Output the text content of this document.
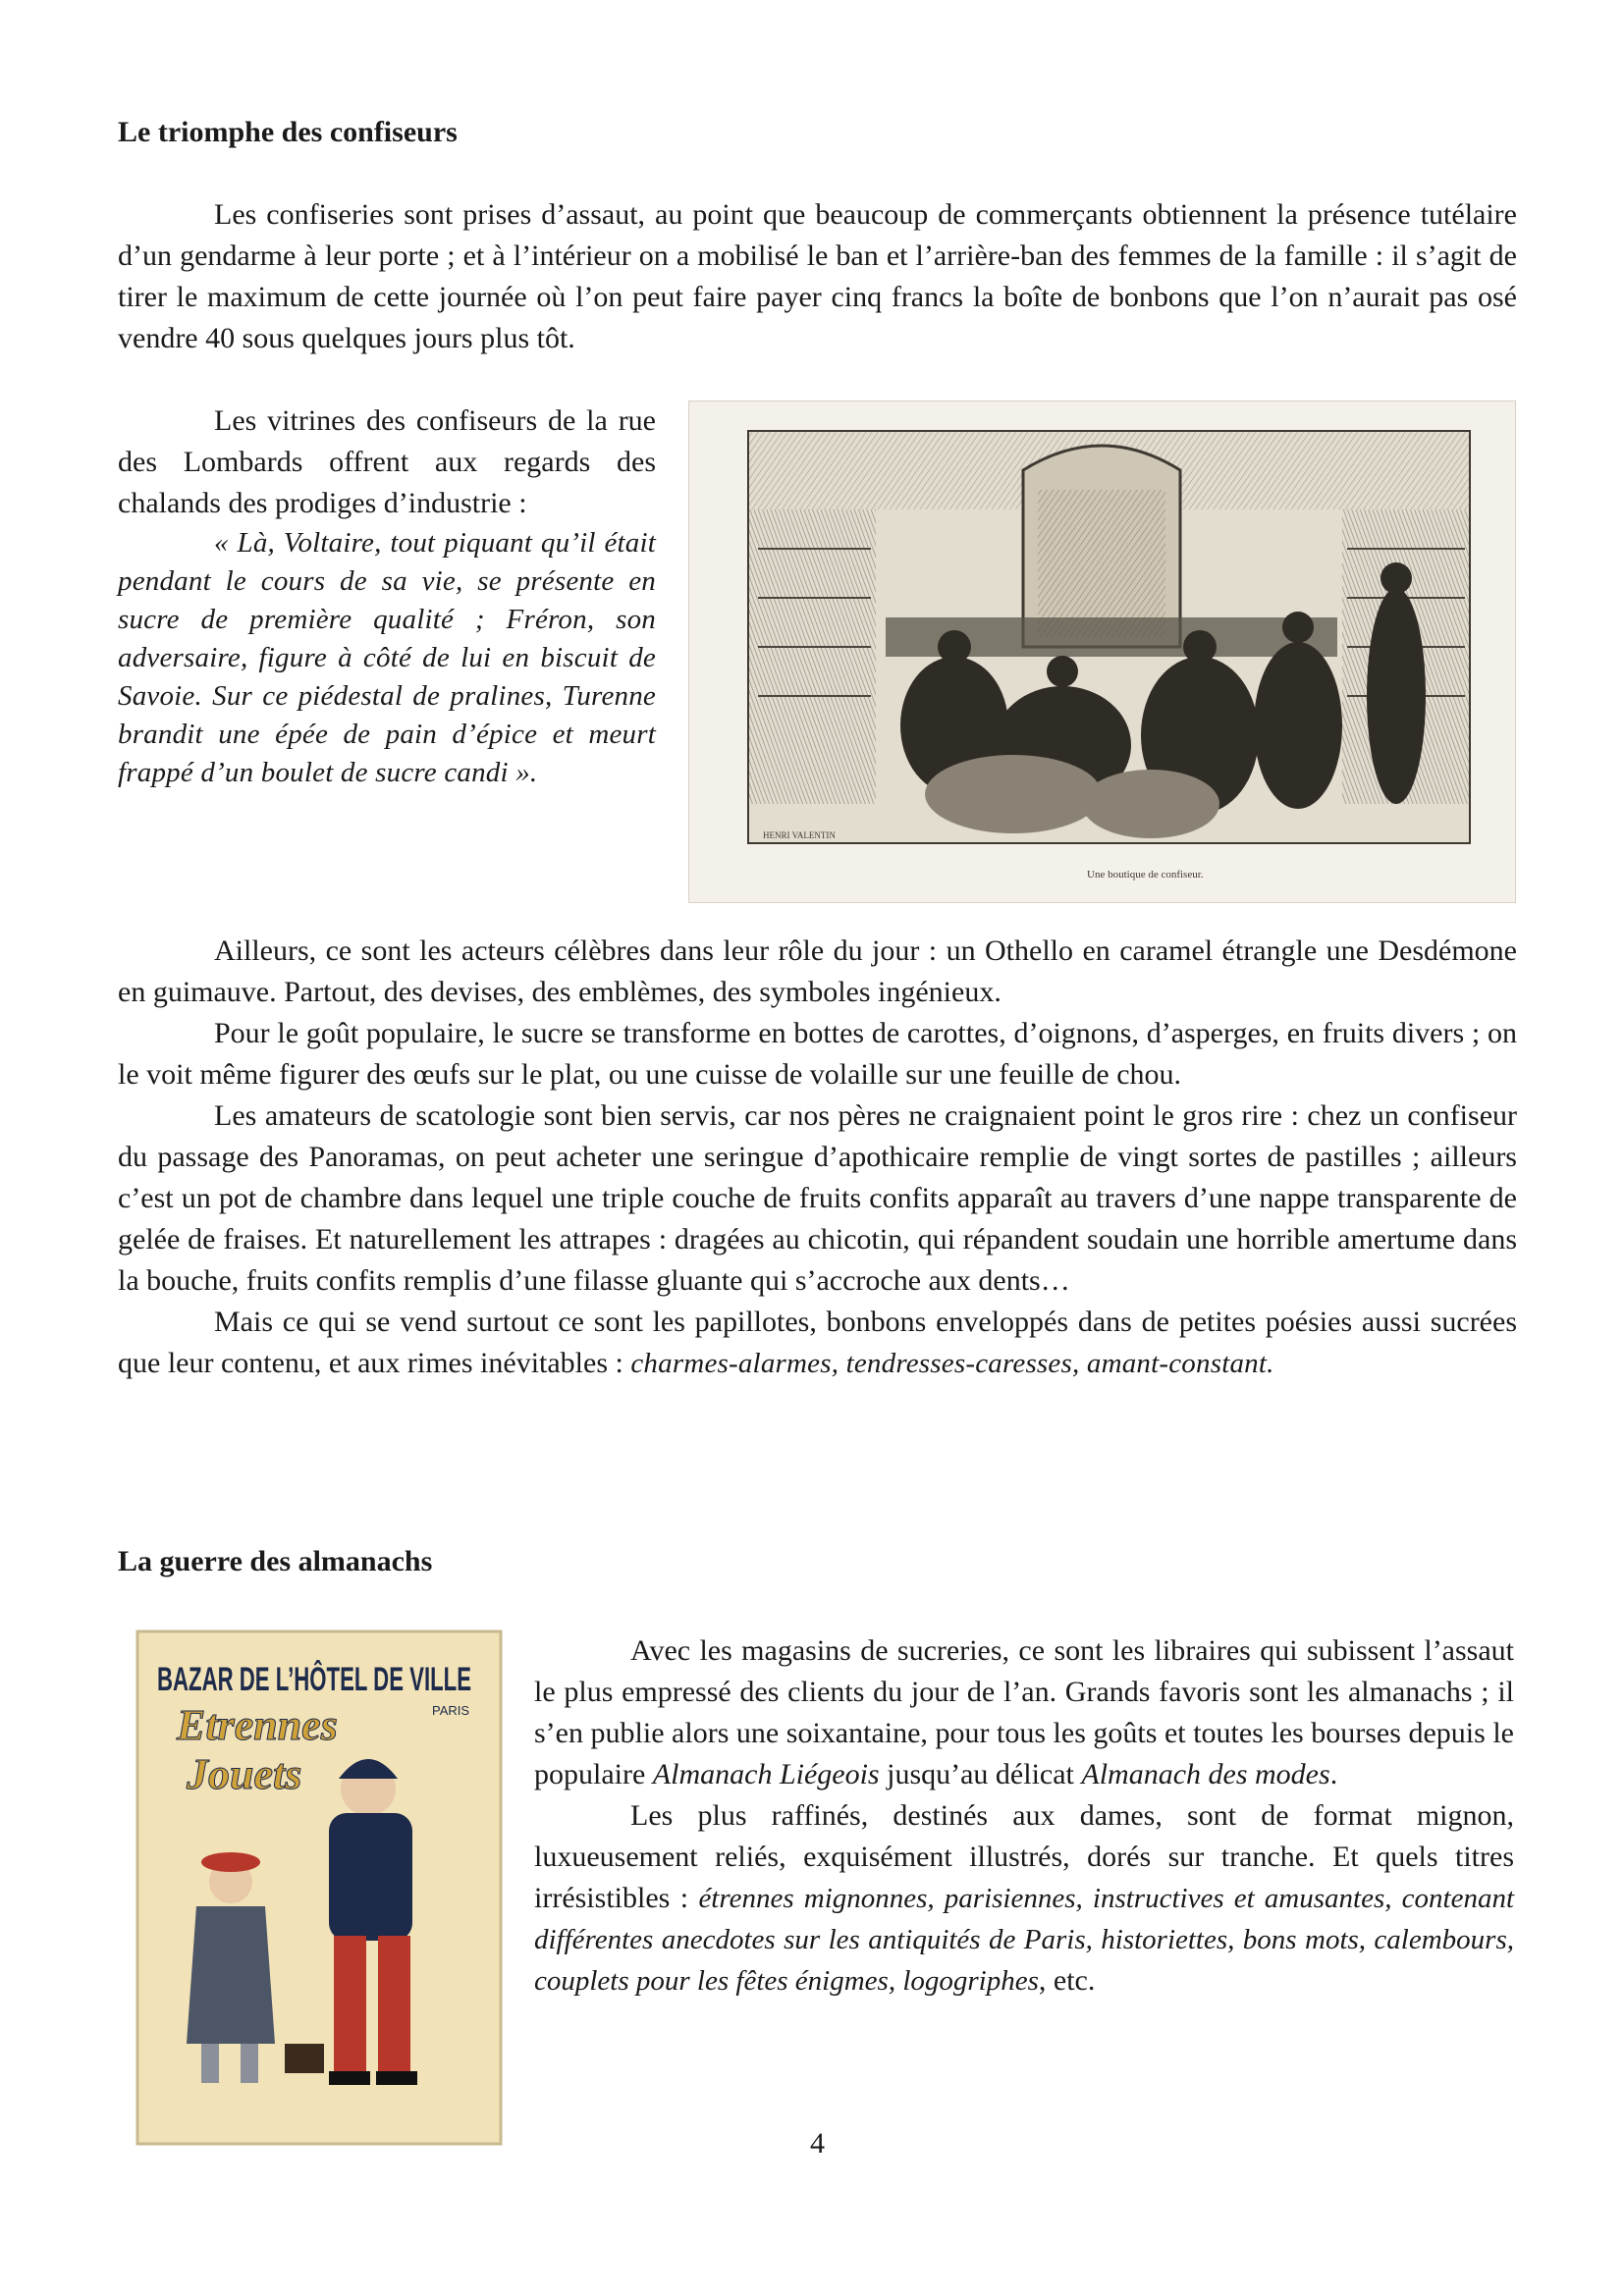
Le triomphe des confiseurs

Les confiseries sont prises d’assaut, au point que beaucoup de commerçants obtiennent la présence tutélaire d’un gendarme à leur porte ; et à l’intérieur on a mobilisé le ban et l’arrière-ban des femmes de la famille : il s’agit de tirer le maximum de cette journée où l’on peut faire payer cinq francs la boîte de bonbons que l’on n’aurait pas osé vendre 40 sous quelques jours plus tôt.

Les vitrines des confiseurs de la rue des Lombards offrent aux regards des chalands des prodiges d’industrie :

« Là, Voltaire, tout piquant qu’il était pendant le cours de sa vie, se présente en sucre de première qualité ; Fréron, son adversaire, figure à côté de lui en biscuit de Savoie. Sur ce piédestal de pralines, Turenne brandit une épée de pain d’épice et meurt frappé d’un boulet de sucre candi ».

Une boutique de confiseur.
HENRI VALENTIN

Ailleurs, ce sont les acteurs célèbres dans leur rôle du jour : un Othello en caramel étrangle une Desdémone en guimauve. Partout, des devises, des emblèmes, des symboles ingénieux.

Pour le goût populaire, le sucre se transforme en bottes de carottes, d’oignons, d’asperges, en fruits divers ; on le voit même figurer des œufs sur le plat, ou une cuisse de volaille sur une feuille de chou.

Les amateurs de scatologie sont bien servis, car nos pères ne craignaient point le gros rire : chez un confiseur du passage des Panoramas, on peut acheter une seringue d’apothicaire remplie de vingt sortes de pastilles ; ailleurs c’est un pot de chambre dans lequel une triple couche de fruits confits apparaît au travers d’une nappe transparente de gelée de fraises. Et naturellement les attrapes : dragées au chicotin, qui répandent soudain une horrible amertume dans la bouche, fruits confits remplis d’une filasse gluante qui s’accroche aux dents…

Mais ce qui se vend surtout ce sont les papillotes, bonbons enveloppés dans de petites poésies aussi sucrées que leur contenu, et aux rimes inévitables : charmes-alarmes, tendresses-caresses, amant-constant.

La guerre des almanachs
BAZAR DE L’HÔTEL DE VILLE
PARIS
Etrennes
Jouets

Avec les magasins de sucreries, ce sont les libraires qui subissent l’assaut le plus empressé des clients du jour de l’an. Grands favoris sont les almanachs ; il s’en publie alors une soixantaine, pour tous les goûts et toutes les bourses depuis le populaire Almanach Liégeois jusqu’au délicat Almanach des modes.

Les plus raffinés, destinés aux dames, sont de format mignon, luxueusement reliés, exquisément illustrés, dorés sur tranche. Et quels titres irrésistibles : étrennes mignonnes, parisiennes, instructives et amusantes, contenant différentes anecdotes sur les antiquités de Paris, historiettes, bons mots, calembours, couplets pour les fêtes énigmes, logogriphes, etc.

4
